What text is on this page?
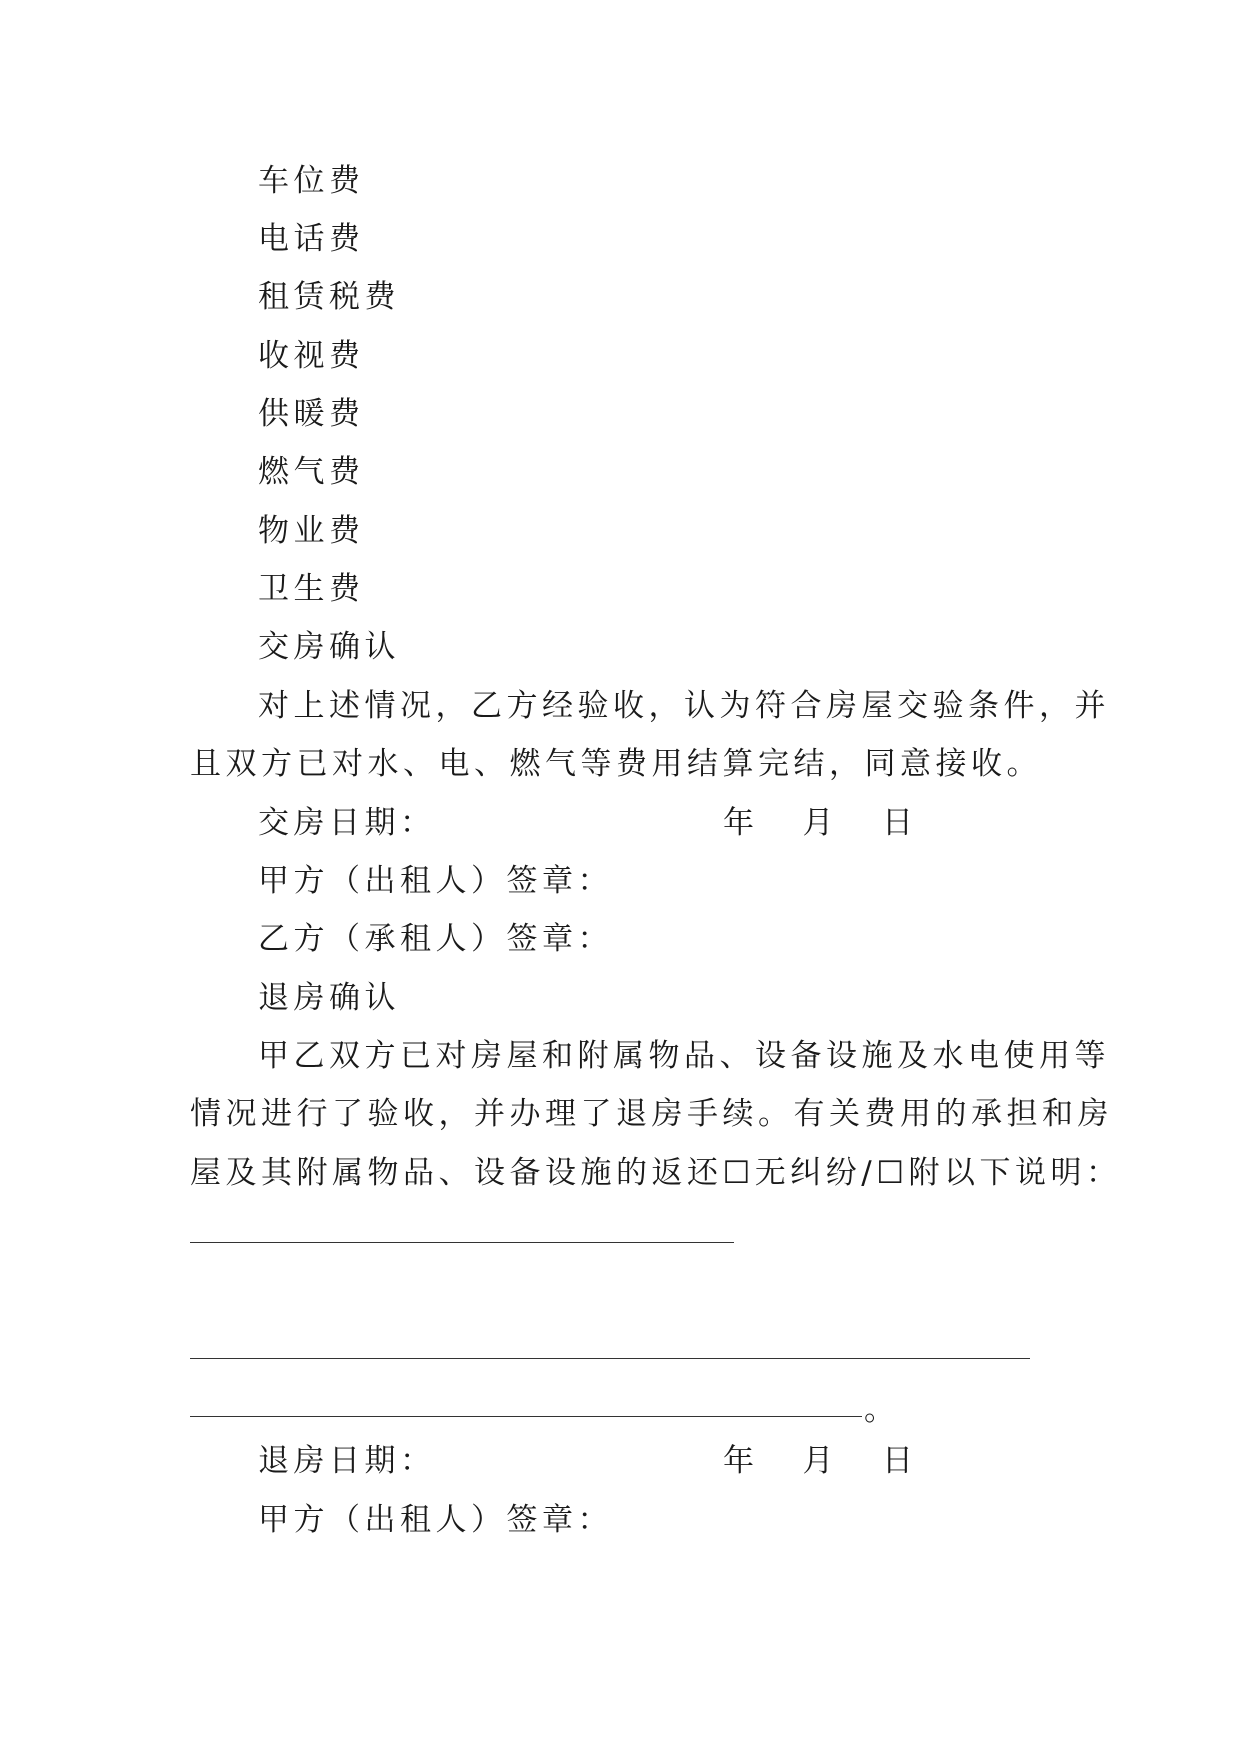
车位费
电话费
租赁税费
收视费
供暖费
燃气费
物业费
卫生费
交房确认
对上述情况，乙方经验收，认为符合房屋交验条件，并
且双方已对水、电、燃气等费用结算完结，同意接收。
交房日期：	年 月 日
甲方（出租人）签章：
乙方（承租人）签章：
退房确认
甲乙双方已对房屋和附属物品、设备设施及水电使用等
情况进行了验收，并办理了退房手续。有关费用的承担和房
屋及其附属物品、设备设施的返还☐无纠纷/☐附以下说明：
。
退房日期：	年 月 日
甲方（出租人）签章：
